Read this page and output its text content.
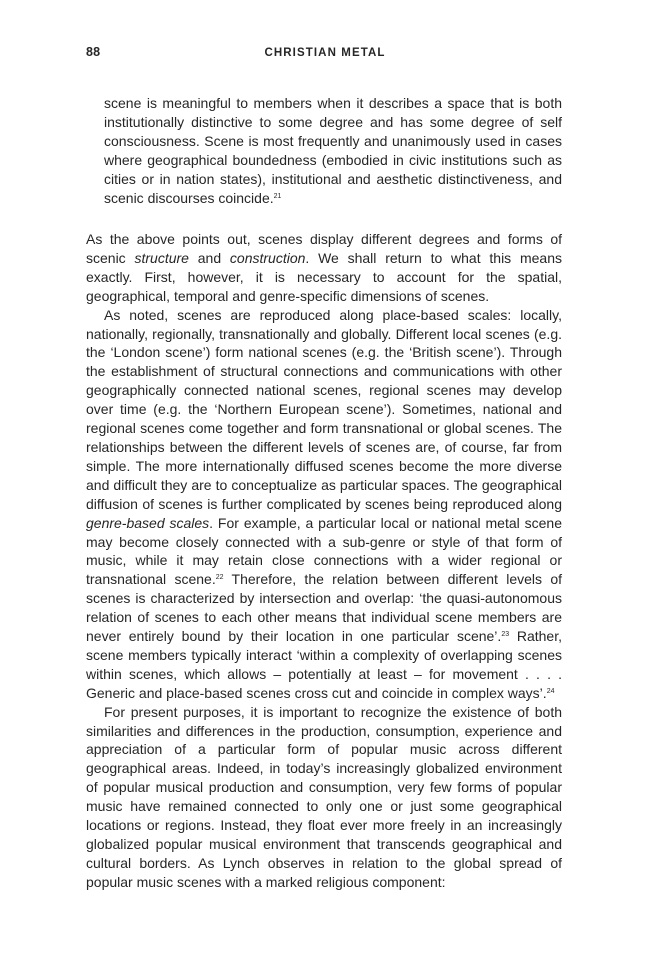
88	CHRISTIAN METAL

scene is meaningful to members when it describes a space that is both institutionally distinctive to some degree and has some degree of self consciousness. Scene is most frequently and unanimously used in cases where geographical boundedness (embodied in civic institutions such as cities or in nation states), institutional and aesthetic distinctiveness, and scenic discourses coincide.$^{21}$

As the above points out, scenes display different degrees and forms of scenic structure and construction. We shall return to what this means exactly. First, however, it is necessary to account for the spatial, geographical, temporal and genre-specific dimensions of scenes.

As noted, scenes are reproduced along place-based scales: locally, nationally, regionally, transnationally and globally. Different local scenes (e.g. the ‘London scene’) form national scenes (e.g. the ‘British scene’). Through the establishment of structural connections and communications with other geographically connected national scenes, regional scenes may develop over time (e.g. the ‘Northern European scene’). Sometimes, national and regional scenes come together and form transnational or global scenes. The relationships between the different levels of scenes are, of course, far from simple. The more internationally diffused scenes become the more diverse and difficult they are to conceptualize as particular spaces. The geographical diffusion of scenes is further complicated by scenes being reproduced along genre-based scales. For example, a particular local or national metal scene may become closely connected with a sub-genre or style of that form of music, while it may retain close connections with a wider regional or transnational scene.$^{22}$ Therefore, the relation between different levels of scenes is characterized by intersection and overlap: ‘the quasi-autonomous relation of scenes to each other means that individual scene members are never entirely bound by their location in one particular scene’.$^{23}$ Rather, scene members typically interact ‘within a complexity of overlapping scenes within scenes, which allows – potentially at least – for movement . . . . Generic and place-based scenes cross cut and coincide in complex ways’.$^{24}$

For present purposes, it is important to recognize the existence of both similarities and differences in the production, consumption, experience and appreciation of a particular form of popular music across different geographical areas. Indeed, in today’s increasingly globalized environment of popular musical production and consumption, very few forms of popular music have remained connected to only one or just some geographical locations or regions. Instead, they float ever more freely in an increasingly globalized popular musical environment that transcends geographical and cultural borders. As Lynch observes in relation to the global spread of popular music scenes with a marked religious component:
